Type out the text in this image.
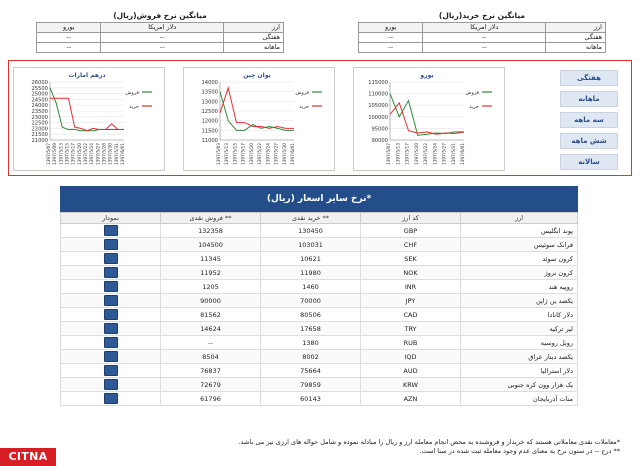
میانگین نرخ فروش(ریال)
یورو	دلار امریکا	ارز
--	--	هفتگی
--	--	ماهانه
میانگین نرخ خرید(ریال)
یورو	دلار امریکا	ارز
--	--	هفتگی
--	--	ماهانه
درهم امارات
26000
25500
25000
24500
24000
23500
23000
22500
22000
21500
21000
1397/5/07 1397/5/09 1397/5/13 1397/5/15 1397/5/17 1397/5/20 1397/5/22 1397/5/24 1397/5/27 1397/5/28 1397/5/30 1397/5/31 1397/6/01
فروش
خرید
یوان چین
14000
13500
13000
12500
12000
11500
11000
1397/5/03 1397/5/13 1397/5/15 1397/5/17 1397/5/20 1397/5/22 1397/5/24 1397/5/27 1397/5/30 1397/6/01
فروش
خرید
یورو
115000
110000
105000
100000
95000
90000
1397/5/07 1397/5/13 1397/5/17 1397/5/20 1397/5/22 1397/5/24 1397/5/27 1397/5/31 1397/6/01
فروش
خرید
هفتگی
ماهانه
سه ماهه
شش ماهه
سالانه
نرخ سایر اسعار (ریال)*
نمودار	فروش نقدی **	خرید نقدی **	کد ارز	ارز
	132358	130450	GBP	پوند انگلیس
	104500	103031	CHF	فرانک سوئیس
	11345	10621	SEK	کرون سوئد
	11952	11980	NOK	کرون نروژ
	1205	1460	INR	روپیه هند
	90000	70000	JPY	یکصد ین ژاپن
	81562	80506	CAD	دلار کانادا
	14624	17658	TRY	لیر ترکیه
	--	1380	RUB	روبل روسیه
	8504	8002	IQD	یکصد دینار عراق
	76837	75664	AUD	دلار استرالیا
	72679	79859	KRW	یک هزار وون کره جنوبی
	61796	60143	AZN	منات آذربایجان
*معاملات نقدی معاملاتی هستند که خریدار و فروشنده به محض انجام معامله ارز و ریال را مبادله نموده و شامل حواله های ارزی نیز می باشد.
** درج -- در ستون نرخ به معنای عدم وجود معامله ثبت شده در سنا است.
CITNA
